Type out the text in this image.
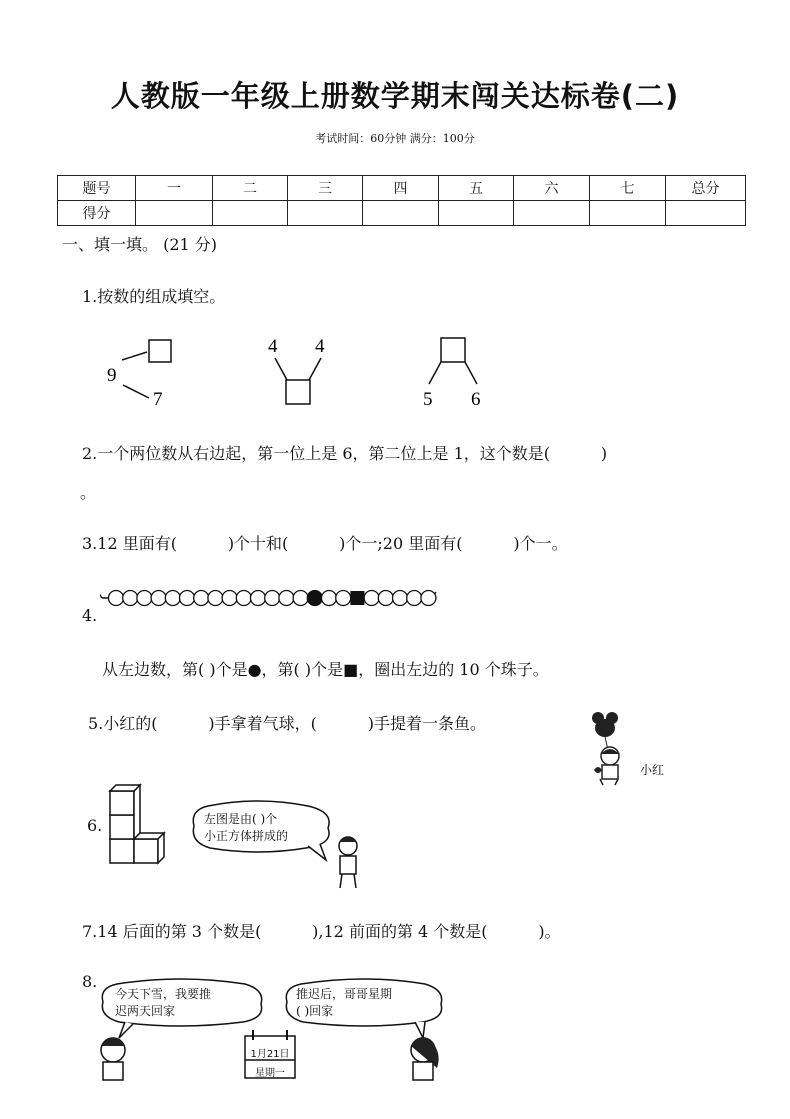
人教版一年级上册数学期末闯关达标卷(二)
考试时间：60分钟 满分：100分
题号	一	二	三	四	五	六	七	总分
得分								
一、填一填。 (21 分)
1.按数的组成填空。
9
7
4 4
5 6
2.一个两位数从右边起，第一位上是 6，第二位上是 1，这个数是(          )
。
3.12 里面有(          )个十和(          )个一;20 里面有(          )个一。
4.
从左边数，第( )个是●，第( )个是■，圈出左边的 10 个珠子。
5.小红的(          )手拿着气球，(          )手提着一条鱼。
小红
6.	左图是由( )个
小正方体拼成的
7.14 后面的第 3 个数是(          ),12 前面的第 4 个数是(          )。
8.
今天下雪，我要推
迟两天回家
推迟后，哥哥星期
( )回家
1月21日
星期一
